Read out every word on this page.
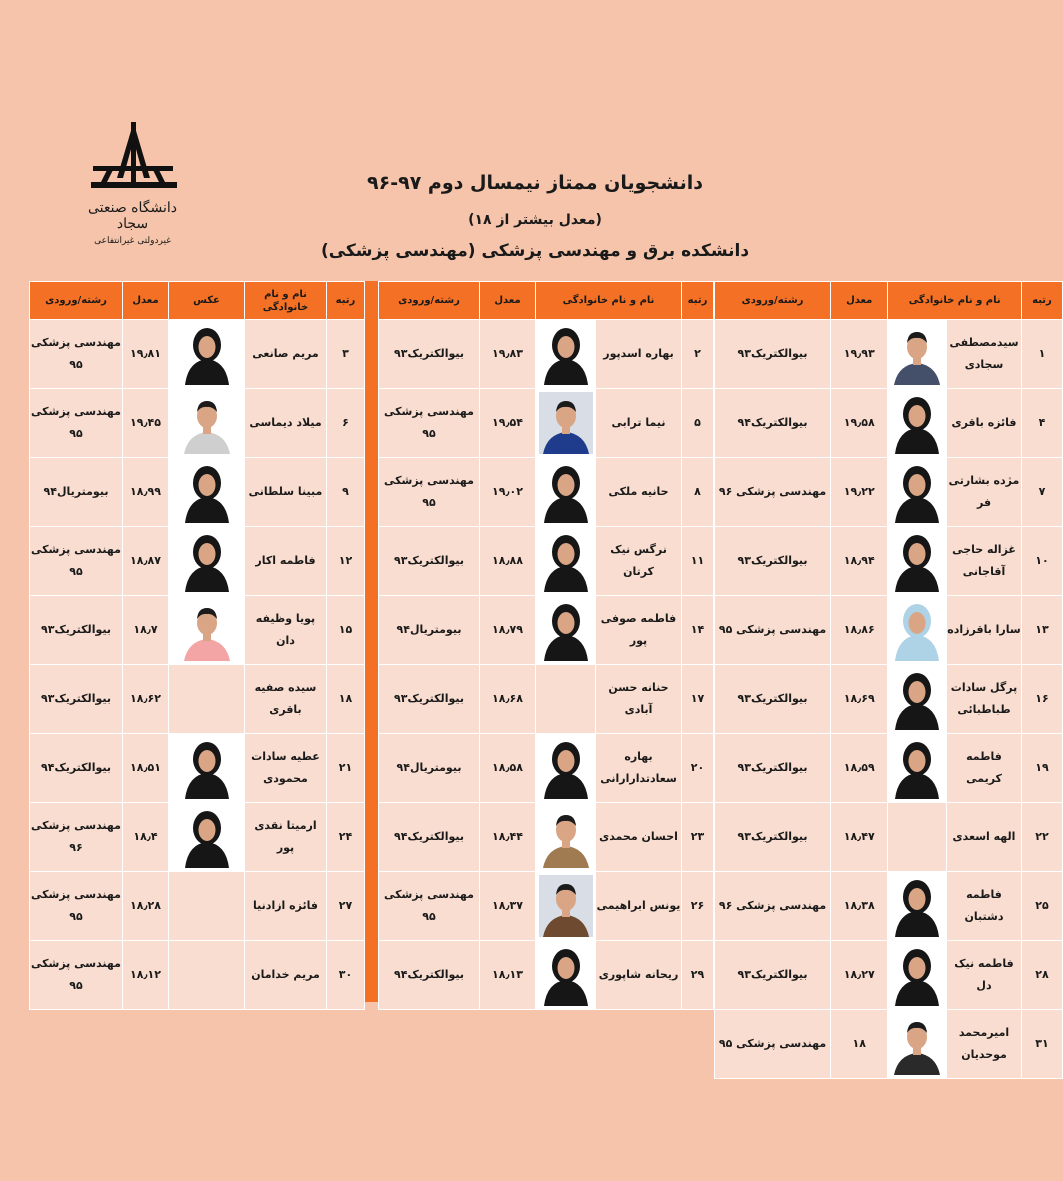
دانشگاه صنعتی سجاد
غیردولتی غیرانتفاعی
دانشجویان ممتاز نیمسال دوم ۹۷-۹۶
(معدل بیشتر از ۱۸)
دانشکده برق و مهندسی پزشکی (مهندسی پزشکی)
رتبه	نام و نام خانوادگی		معدل	رشته/ورودی
۱	سیدمصطفی سجادی		۱۹٫۹۳	بیوالکتریک۹۳
۴	فائزه باقری		۱۹٫۵۸	بیوالکتریک۹۴
۷	مژده بشارتی فر		۱۹٫۲۲	مهندسی پزشکی ۹۶
۱۰	غزاله حاجی آقاجانی		۱۸٫۹۴	بیوالکتریک۹۳
۱۳	سارا باقرزاده		۱۸٫۸۶	مهندسی پزشکی ۹۵
۱۶	پرگل سادات طباطبائی		۱۸٫۶۹	بیوالکتریک۹۳
۱۹	فاطمه کریمی		۱۸٫۵۹	بیوالکتریک۹۳
۲۲	الهه اسعدی		۱۸٫۴۷	بیوالکتریک۹۳
۲۵	فاطمه دشتبان		۱۸٫۳۸	مهندسی پزشکی ۹۶
۲۸	فاطمه نیک دل		۱۸٫۲۷	بیوالکتریک۹۳
۳۱	امیرمحمد موحدیان		۱۸	مهندسی پزشکی ۹۵
رتبه	نام و نام خانوادگی		معدل	رشته/ورودی
۲	بهاره اسدپور		۱۹٫۸۳	بیوالکتریک۹۳
۵	نیما ترابی		۱۹٫۵۴	مهندسی پزشکی ۹۵
۸	حانیه ملکی		۱۹٫۰۲	مهندسی پزشکی ۹۵
۱۱	نرگس نیک کرتان		۱۸٫۸۸	بیوالکتریک۹۳
۱۴	فاطمه صوفی پور		۱۸٫۷۹	بیومتریال۹۴
۱۷	حنانه حسن آبادی		۱۸٫۶۸	بیوالکتریک۹۳
۲۰	بهاره سعادتدارارانی		۱۸٫۵۸	بیومتریال۹۴
۲۳	احسان محمدی		۱۸٫۴۴	بیوالکتریک۹۴
۲۶	یونس ابراهیمی		۱۸٫۳۷	مهندسی پزشکی ۹۵
۲۹	ریحانه شاپوری		۱۸٫۱۳	بیوالکتریک۹۴
رتبه	نام و نام خانوادگی	عکس	معدل	رشته/ورودی
۳	مریم صانعی		۱۹٫۸۱	مهندسی پزشکی ۹۵
۶	میلاد دیماسی		۱۹٫۴۵	مهندسی پزشکی ۹۵
۹	مبینا سلطانی		۱۸٫۹۹	بیومتریال۹۴
۱۲	فاطمه اکار		۱۸٫۸۷	مهندسی پزشکی ۹۵
۱۵	پویا وظیفه دان		۱۸٫۷	بیوالکتریک۹۳
۱۸	سیده صفیه باقری		۱۸٫۶۲	بیوالکتریک۹۳
۲۱	عطیه سادات محمودی		۱۸٫۵۱	بیوالکتریک۹۴
۲۴	ارمیتا نقدی پور		۱۸٫۴	مهندسی پزشکی ۹۶
۲۷	فائزه ازادنیا		۱۸٫۲۸	مهندسی پزشکی ۹۵
۳۰	مریم خدامان		۱۸٫۱۲	مهندسی پزشکی ۹۵
